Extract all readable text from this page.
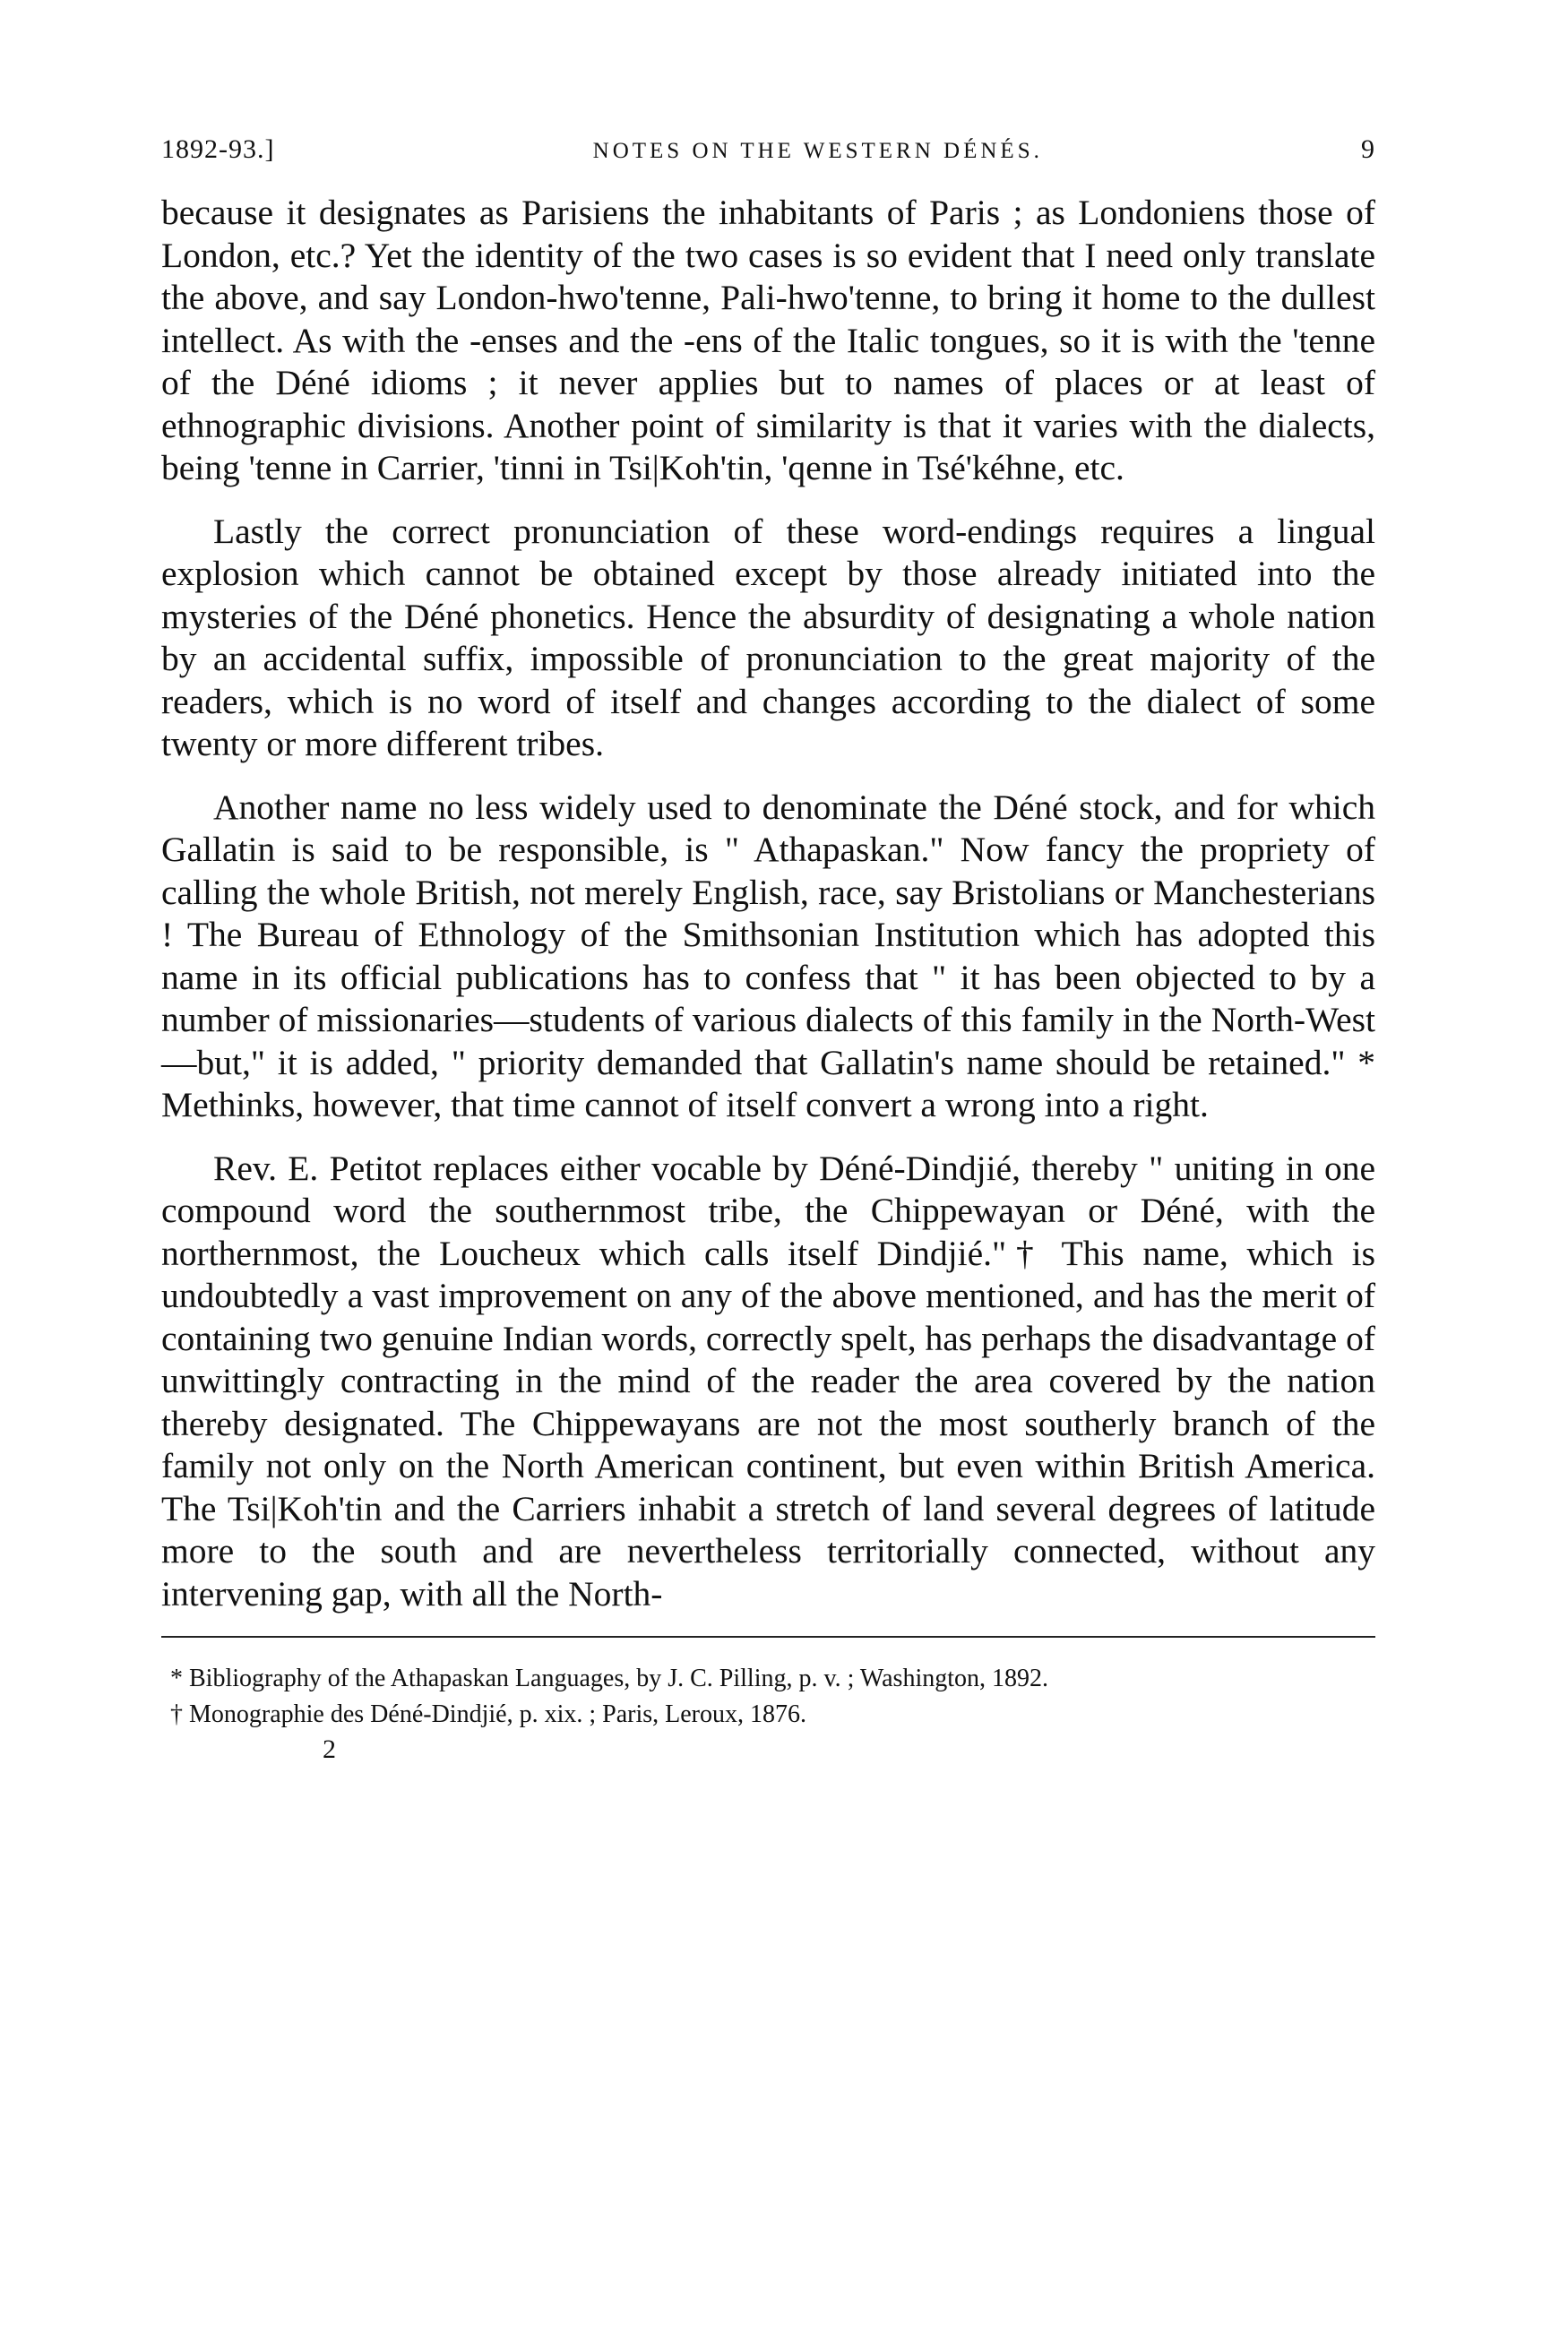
1892-93.]	NOTES ON THE WESTERN DÉNÉS.	9

because it designates as Parisiens the inhabitants of Paris ; as Londoniens those of London, etc.? Yet the identity of the two cases is so evident that I need only translate the above, and say London-hwo'tenne, Pali-hwo'tenne, to bring it home to the dullest intellect. As with the -enses and the -ens of the Italic tongues, so it is with the 'tenne of the Déné idioms ; it never applies but to names of places or at least of ethnographic divisions. Another point of similarity is that it varies with the dialects, being 'tenne in Carrier, 'tinni in Tsi|Koh'tin, 'qenne in Tsé'kéhne, etc.

Lastly the correct pronunciation of these word-endings requires a lingual explosion which cannot be obtained except by those already initiated into the mysteries of the Déné phonetics. Hence the absurdity of designating a whole nation by an accidental suffix, impossible of pronunciation to the great majority of the readers, which is no word of itself and changes according to the dialect of some twenty or more different tribes.

Another name no less widely used to denominate the Déné stock, and for which Gallatin is said to be responsible, is " Athapaskan." Now fancy the propriety of calling the whole British, not merely English, race, say Bristolians or Manchesterians ! The Bureau of Ethnology of the Smithsonian Institution which has adopted this name in its official publications has to confess that " it has been objected to by a number of missionaries—students of various dialects of this family in the North-West—but," it is added, " priority demanded that Gallatin's name should be retained." * Methinks, however, that time cannot of itself convert a wrong into a right.

Rev. E. Petitot replaces either vocable by Déné-Dindjié, thereby " uniting in one compound word the southernmost tribe, the Chippewayan or Déné, with the northernmost, the Loucheux which calls itself Dindjié."† This name, which is undoubtedly a vast improvement on any of the above mentioned, and has the merit of containing two genuine Indian words, correctly spelt, has perhaps the disadvantage of unwittingly contracting in the mind of the reader the area covered by the nation thereby designated. The Chippewayans are not the most southerly branch of the family not only on the North American continent, but even within British America. The Tsi|Koh'tin and the Carriers inhabit a stretch of land several degrees of latitude more to the south and are nevertheless territorially connected, without any intervening gap, with all the North-

* Bibliography of the Athapaskan Languages, by J. C. Pilling, p. v. ; Washington, 1892.

† Monographie des Déné-Dindjié, p. xix. ; Paris, Leroux, 1876.

2
